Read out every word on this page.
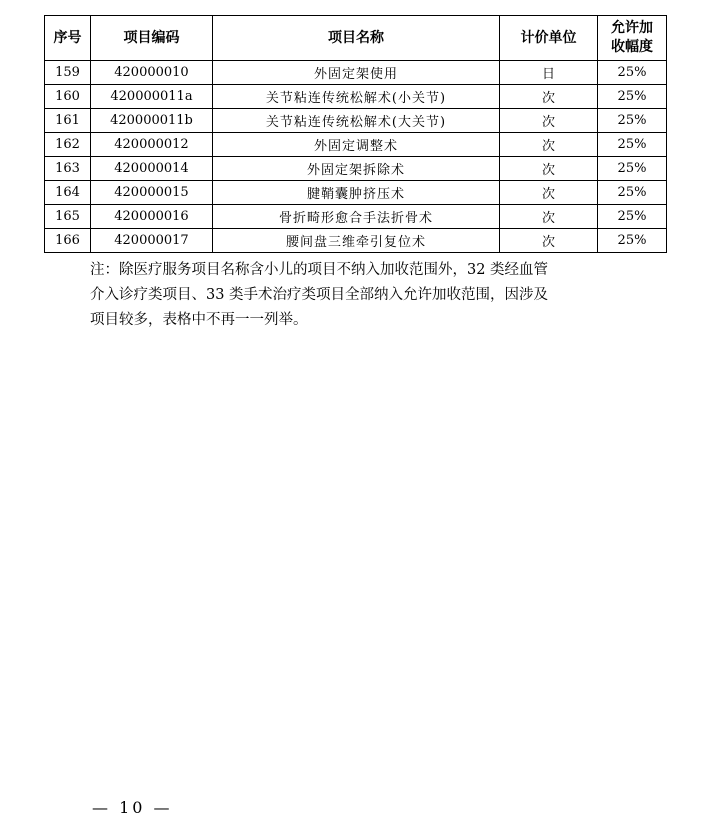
序号	项目编码	项目名称	计价单位	允许加
收幅度
159	420000010	外固定架使用	日	25%
160	420000011a	关节粘连传统松解术(小关节)	次	25%
161	420000011b	关节粘连传统松解术(大关节)	次	25%
162	420000012	外固定调整术	次	25%
163	420000014	外固定架拆除术	次	25%
164	420000015	腱鞘囊肿挤压术	次	25%
165	420000016	骨折畸形愈合手法折骨术	次	25%
166	420000017	腰间盘三维牵引复位术	次	25%

注：除医疗服务项目名称含小儿的项目不纳入加收范围外，32 类经血管

介入诊疗类项目、33 类手术治疗类项目全部纳入允许加收范围，因涉及

项目较多，表格中不再一一列举。

— 10 —
